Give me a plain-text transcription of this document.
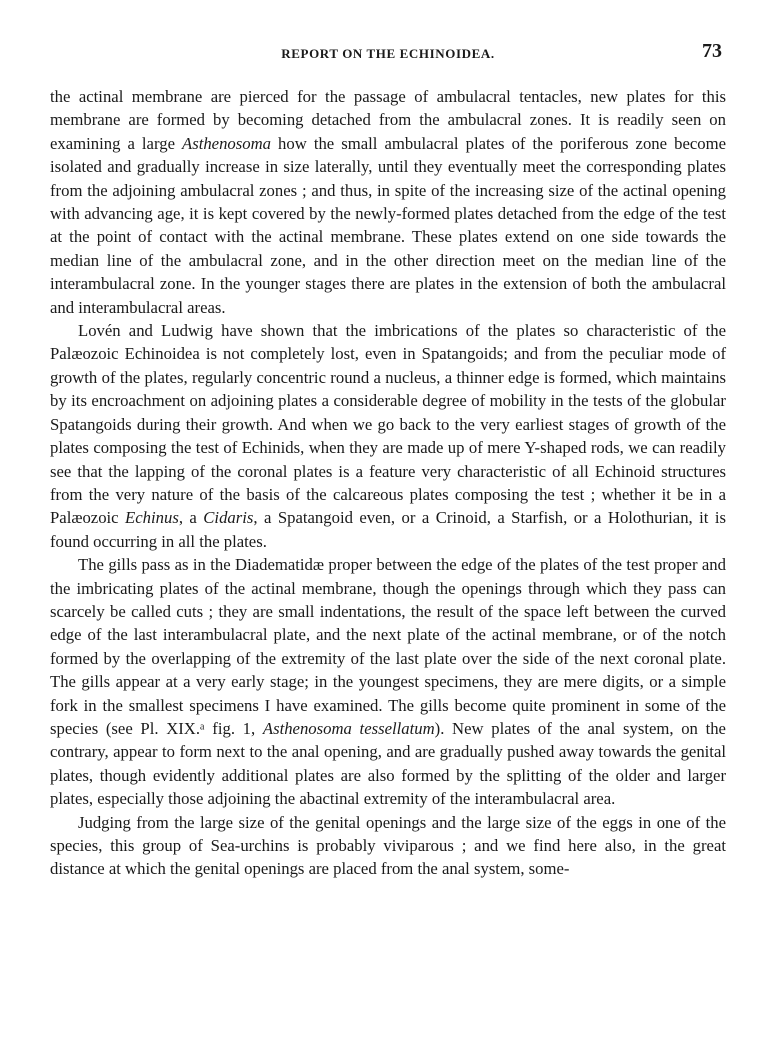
REPORT ON THE ECHINOIDEA.	73

the actinal membrane are pierced for the passage of ambulacral tentacles, new plates for this membrane are formed by becoming detached from the ambulacral zones. It is readily seen on examining a large Asthenosoma how the small ambulacral plates of the poriferous zone become isolated and gradually increase in size laterally, until they eventually meet the corresponding plates from the adjoining ambulacral zones ; and thus, in spite of the increasing size of the actinal opening with advancing age, it is kept covered by the newly-formed plates detached from the edge of the test at the point of contact with the actinal membrane. These plates extend on one side towards the median line of the ambulacral zone, and in the other direction meet on the median line of the interambulacral zone. In the younger stages there are plates in the extension of both the ambulacral and interambulacral areas.

Lovén and Ludwig have shown that the imbrications of the plates so characteristic of the Palæozoic Echinoidea is not completely lost, even in Spatangoids; and from the peculiar mode of growth of the plates, regularly concentric round a nucleus, a thinner edge is formed, which maintains by its encroachment on adjoining plates a considerable degree of mobility in the tests of the globular Spatangoids during their growth. And when we go back to the very earliest stages of growth of the plates composing the test of Echinids, when they are made up of mere Y-shaped rods, we can readily see that the lapping of the coronal plates is a feature very characteristic of all Echinoid structures from the very nature of the basis of the calcareous plates composing the test ; whether it be in a Palæozoic Echinus, a Cidaris, a Spatangoid even, or a Crinoid, a Starfish, or a Holothurian, it is found occurring in all the plates.

The gills pass as in the Diadematidæ proper between the edge of the plates of the test proper and the imbricating plates of the actinal membrane, though the openings through which they pass can scarcely be called cuts ; they are small indentations, the result of the space left between the curved edge of the last interambulacral plate, and the next plate of the actinal membrane, or of the notch formed by the overlapping of the extremity of the last plate over the side of the next coronal plate. The gills appear at a very early stage; in the youngest specimens, they are mere digits, or a simple fork in the smallest specimens I have examined. The gills become quite prominent in some of the species (see Pl. XIX.ᵃ fig. 1, Asthenosoma tessellatum). New plates of the anal system, on the contrary, appear to form next to the anal opening, and are gradually pushed away towards the genital plates, though evidently additional plates are also formed by the splitting of the older and larger plates, especially those adjoining the abactinal extremity of the interambulacral area.

Judging from the large size of the genital openings and the large size of the eggs in one of the species, this group of Sea-urchins is probably viviparous ; and we find here also, in the great distance at which the genital openings are placed from the anal system, some-
